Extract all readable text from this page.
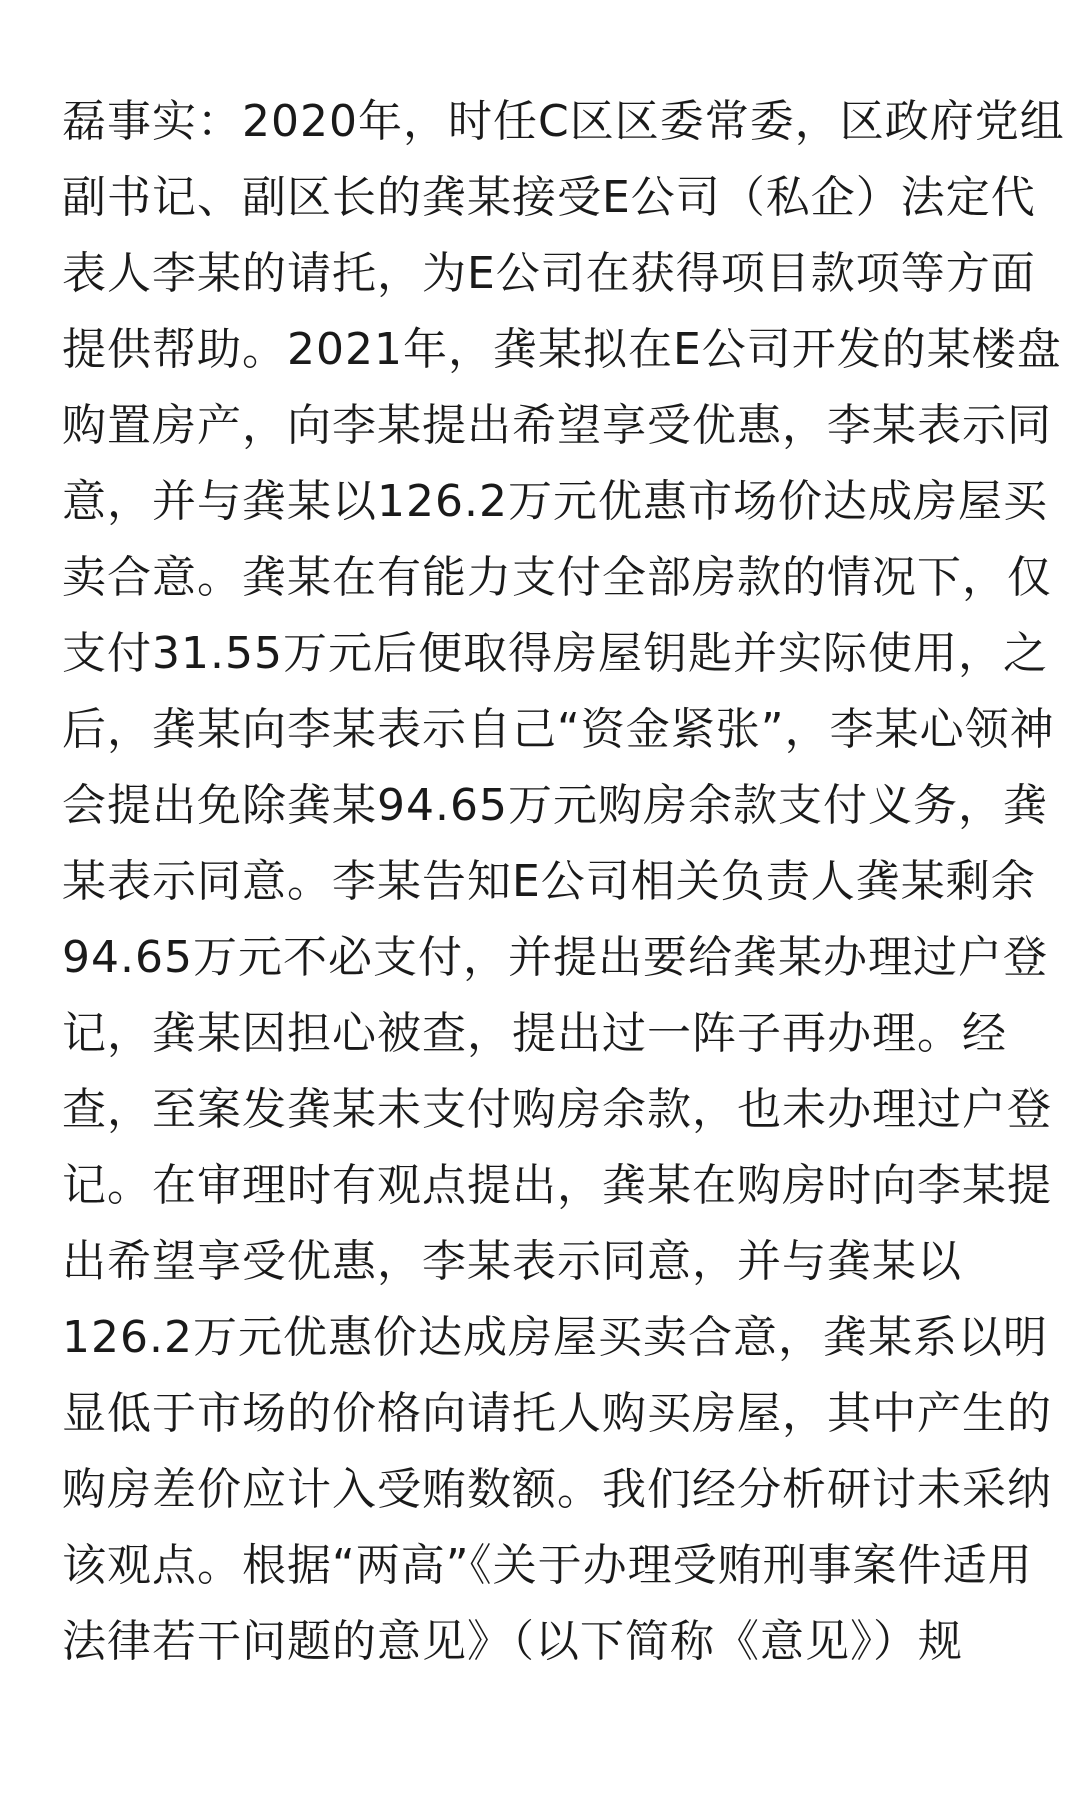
磊事实：2020年，时任C区区委常委，区政府党组
副书记、副区长的龚某接受E公司（私企）法定代
表人李某的请托，为E公司在获得项目款项等方面
提供帮助。2021年，龚某拟在E公司开发的某楼盘
购置房产，向李某提出希望享受优惠，李某表示同
意，并与龚某以126.2万元优惠市场价达成房屋买
卖合意。龚某在有能力支付全部房款的情况下，仅
支付31.55万元后便取得房屋钥匙并实际使用，之
后，龚某向李某表示自己“资金紧张”，李某心领神
会提出免除龚某94.65万元购房余款支付义务，龚
某表示同意。李某告知E公司相关负责人龚某剩余
94.65万元不必支付，并提出要给龚某办理过户登
记，龚某因担心被查，提出过一阵子再办理。经
查，至案发龚某未支付购房余款，也未办理过户登
记。在审理时有观点提出，龚某在购房时向李某提
出希望享受优惠，李某表示同意，并与龚某以
126.2万元优惠价达成房屋买卖合意，龚某系以明
显低于市场的价格向请托人购买房屋，其中产生的
购房差价应计入受贿数额。我们经分析研讨未采纳
该观点。根据“两高”《关于办理受贿刑事案件适用
法律若干问题的意见》（以下简称《意见》）规
